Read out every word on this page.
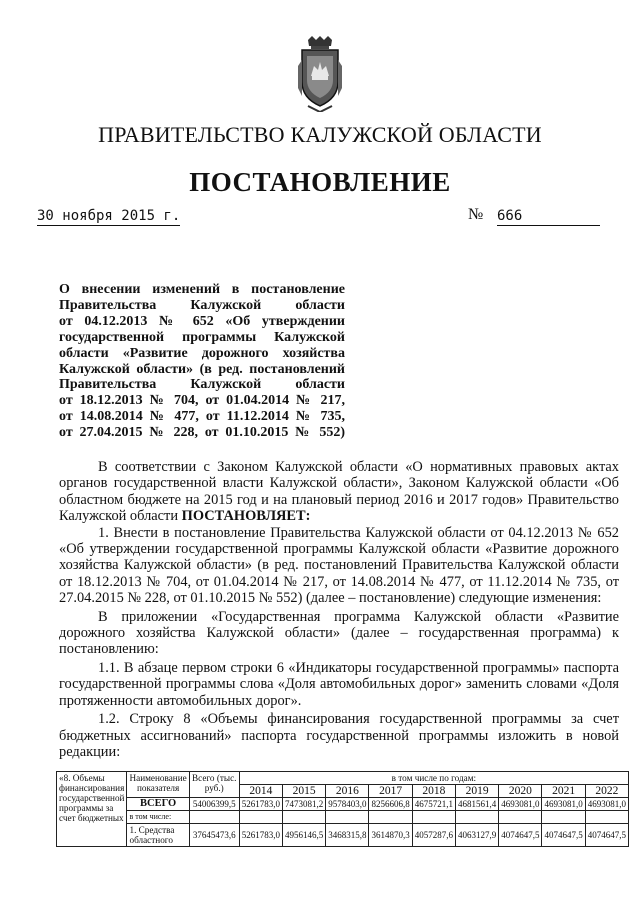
ПРАВИТЕЛЬСТВО КАЛУЖСКОЙ ОБЛАСТИ
ПОСТАНОВЛЕНИЕ
30 ноября 2015 г.	№ 666
О внесении изменений в постановление
Правительства Калужской области
от 04.12.2013 № 652 «Об утверждении
государственной программы Калужской
области «Развитие дорожного хозяйства
Калужской области» (в ред. постановлений
Правительства Калужской области
от 18.12.2013 № 704, от 01.04.2014 № 217,
от 14.08.2014 № 477, от 11.12.2014 № 735,
от 27.04.2015 № 228, от 01.10.2015 № 552)

В соответствии с Законом Калужской области «О нормативных правовых актах органов государственной власти Калужской области», Законом Калужской области «Об областном бюджете на 2015 год и на плановый период 2016 и 2017 годов» Правительство Калужской области ПОСТАНОВЛЯЕТ:

1. Внести в постановление Правительства Калужской области от 04.12.2013 № 652 «Об утверждении государственной программы Калужской области «Развитие дорожного хозяйства Калужской области» (в ред. постановлений Правительства Калужской области от 18.12.2013 № 704, от 01.04.2014 № 217, от 14.08.2014 № 477, от 11.12.2014 № 735, от 27.04.2015 № 228, от 01.10.2015 № 552) (далее – постановление) следующие изменения:

В приложении «Государственная программа Калужской области «Развитие дорожного хозяйства Калужской области» (далее – государственная программа) к постановлению:

1.1. В абзаце первом строки 6 «Индикаторы государственной программы» паспорта государственной программы слова «Доля автомобильных дорог» заменить словами «Доля протяженности автомобильных дорог».

1.2. Строку 8 «Объемы финансирования государственной программы за счет бюджетных ассигнований» паспорта государственной программы изложить в новой редакции:

«8. Объемы финансирования государственной программы за счет бюджетных	Наименование показателя	Всего (тыс. руб.)	в том числе по годам:								
			2014	2015	2016	2017	2018	2019	2020	2021	2022
	ВСЕГО	54006399,5	5261783,0	7473081,2	9578403,0	8256606,8	4675721,1	4681561,4	4693081,0	4693081,0	4693081,0
	в том числе:										
	1. Средства областного	37645473,6	5261783,0	4956146,5	3468315,8	3614870,3	4057287,6	4063127,9	4074647,5	4074647,5	4074647,5
